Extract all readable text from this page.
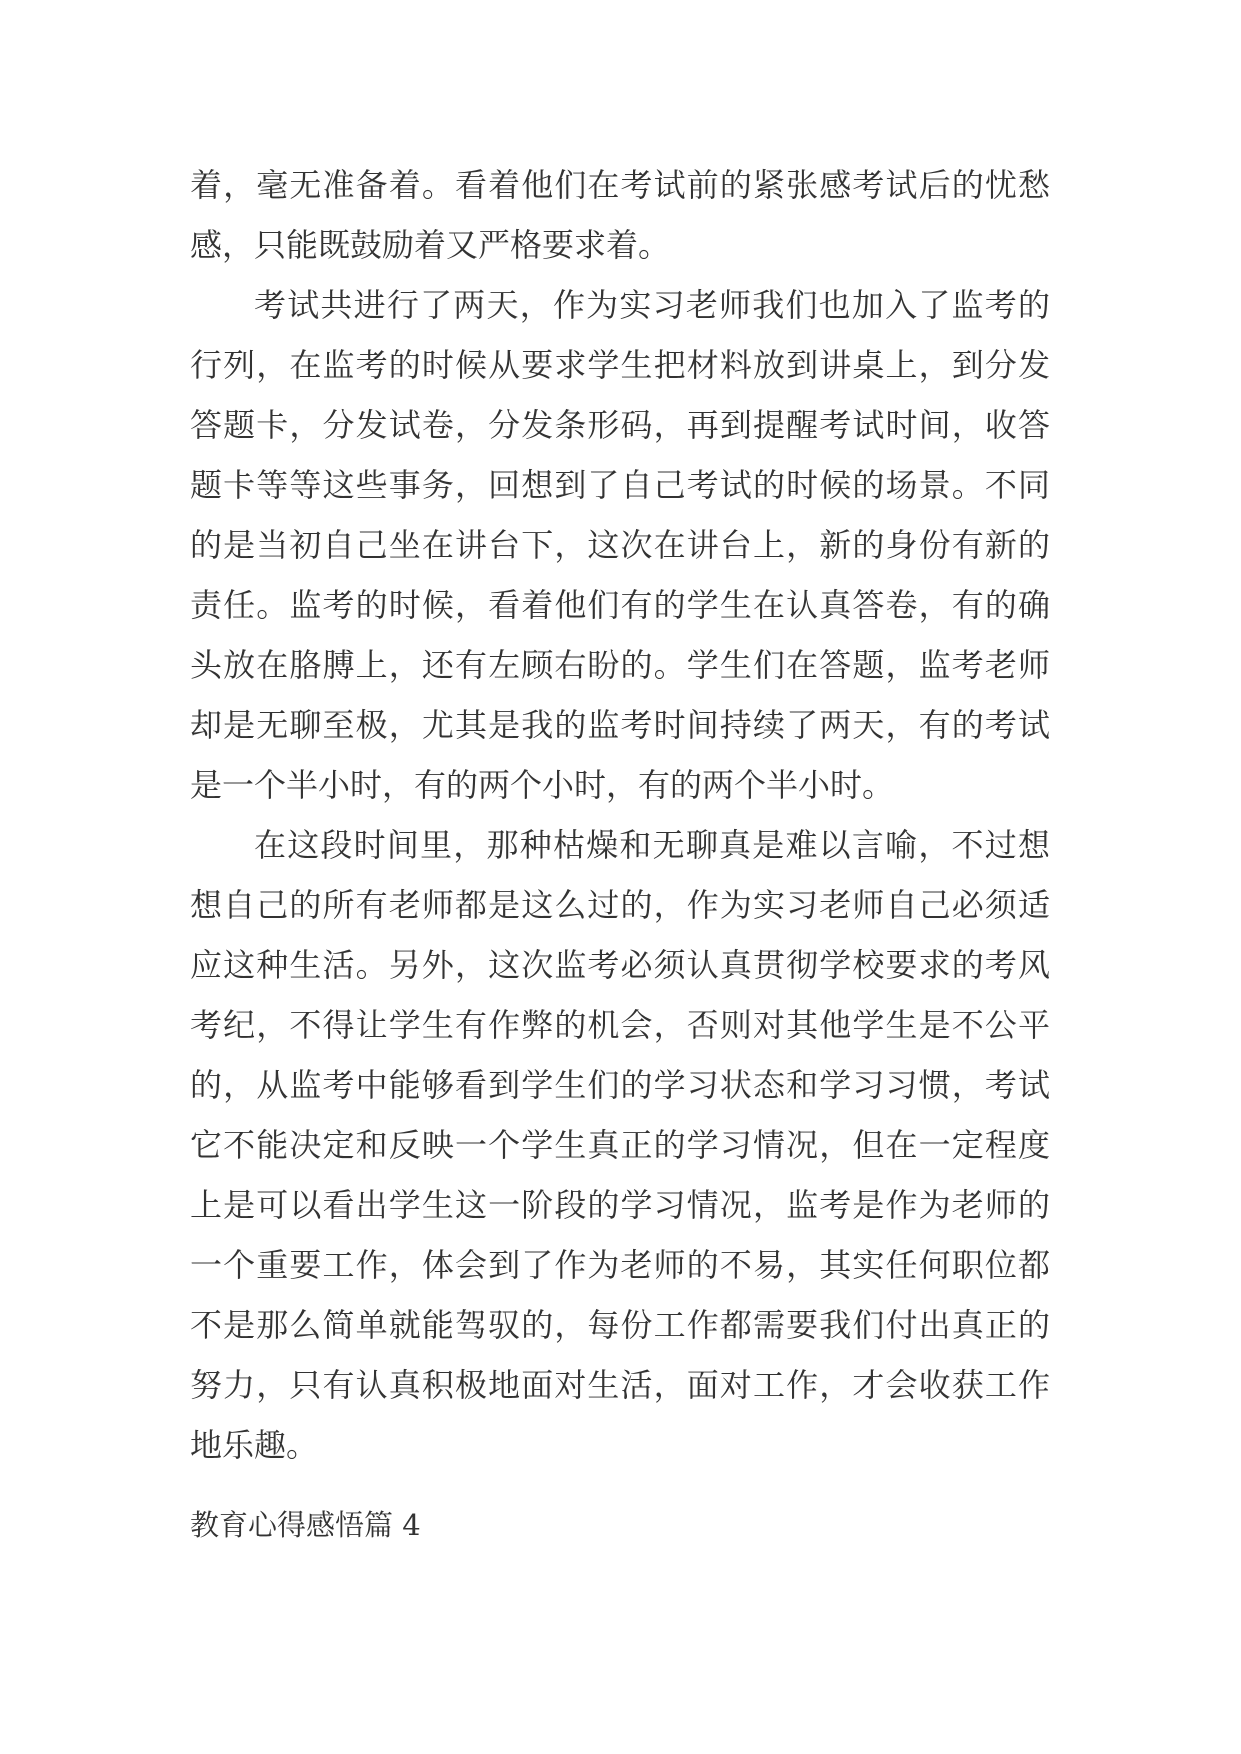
着，毫无准备着。看着他们在考试前的紧张感考试后的忧愁
感，只能既鼓励着又严格要求着。
考试共进行了两天，作为实习老师我们也加入了监考的
行列，在监考的时候从要求学生把材料放到讲桌上，到分发
答题卡，分发试卷，分发条形码，再到提醒考试时间，收答
题卡等等这些事务，回想到了自己考试的时候的场景。不同
的是当初自己坐在讲台下，这次在讲台上，新的身份有新的
责任。监考的时候，看着他们有的学生在认真答卷，有的确
头放在胳膊上，还有左顾右盼的。学生们在答题，监考老师
却是无聊至极，尤其是我的监考时间持续了两天，有的考试
是一个半小时，有的两个小时，有的两个半小时。
在这段时间里，那种枯燥和无聊真是难以言喻，不过想
想自己的所有老师都是这么过的，作为实习老师自己必须适
应这种生活。另外，这次监考必须认真贯彻学校要求的考风
考纪，不得让学生有作弊的机会，否则对其他学生是不公平
的，从监考中能够看到学生们的学习状态和学习习惯，考试
它不能决定和反映一个学生真正的学习情况，但在一定程度
上是可以看出学生这一阶段的学习情况，监考是作为老师的
一个重要工作，体会到了作为老师的不易，其实任何职位都
不是那么简单就能驾驭的，每份工作都需要我们付出真正的
努力，只有认真积极地面对生活，面对工作，才会收获工作
地乐趣。
教育心得感悟篇 4
